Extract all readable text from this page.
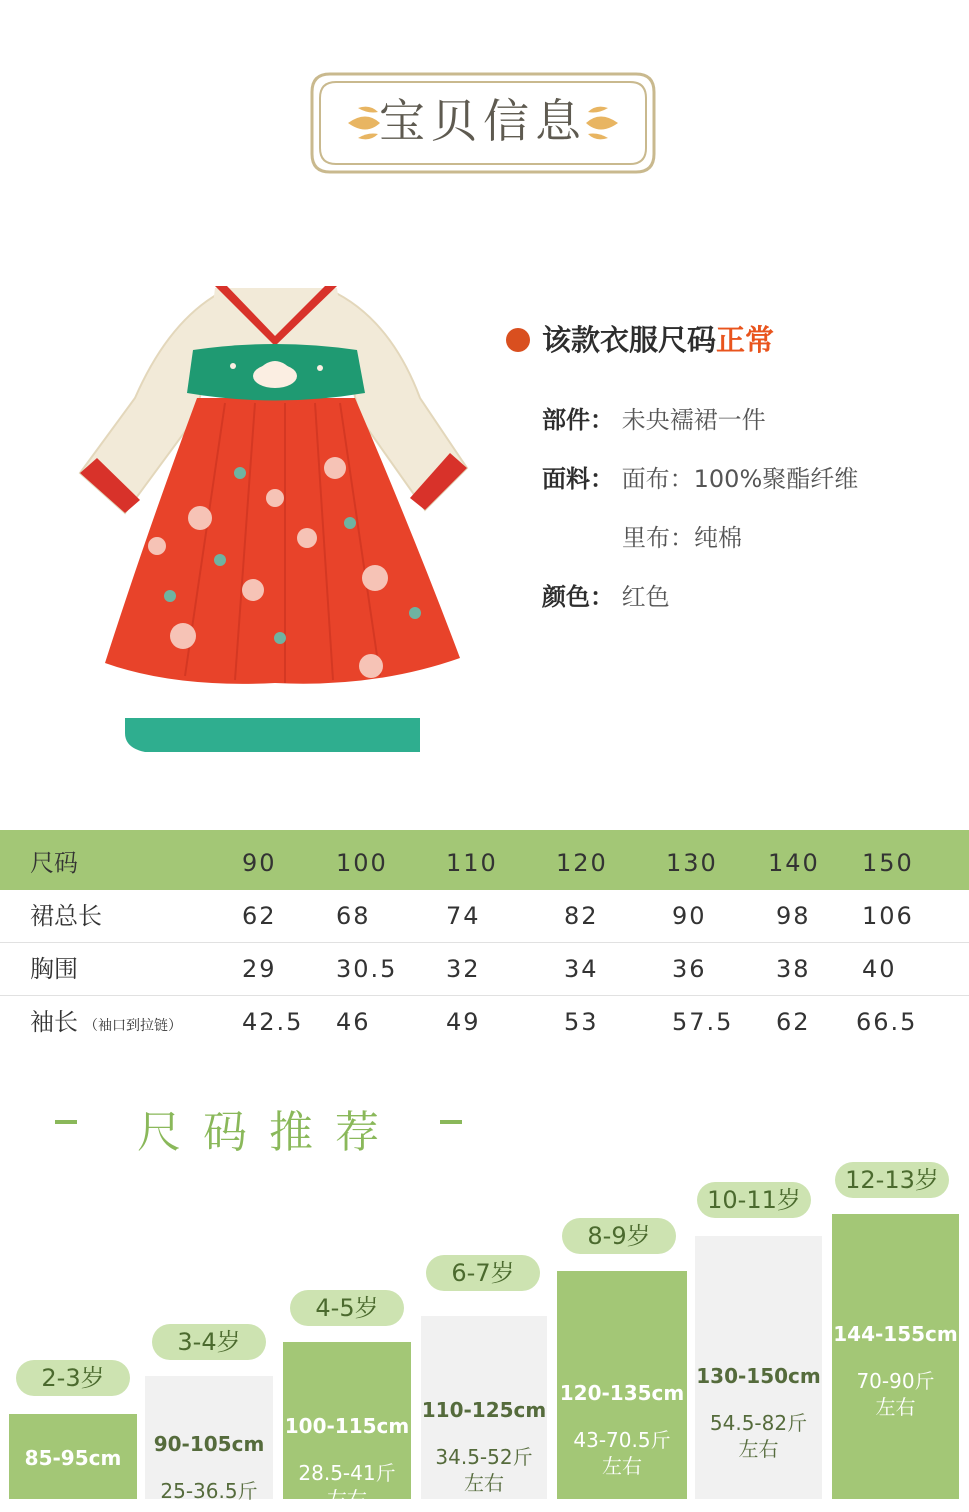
宝贝信息
该款衣服尺码正常
部件： 未央襦裙一件
面料： 面布：100%聚酯纤维
里布：纯棉
颜色： 红色
尺码	90 100 110 120 130 140 150
裙总长	62 68	74	82	90	98 106
胸围	29 30.5 32	34	36	38 40
袖长 （袖口到拉链）	42.5 46	49	53	57.5 62 66.5
尺码推荐
2-3岁
85-95cm
3-4岁
90-105cm
25-36.5斤
4-5岁
100-115cm
28.5-41斤
左右
6-7岁
110-125cm
34.5-52斤
左右
8-9岁
120-135cm
43-70.5斤
左右
10-11岁
130-150cm
54.5-82斤
左右
12-13岁
144-155cm
70-90斤
左右
